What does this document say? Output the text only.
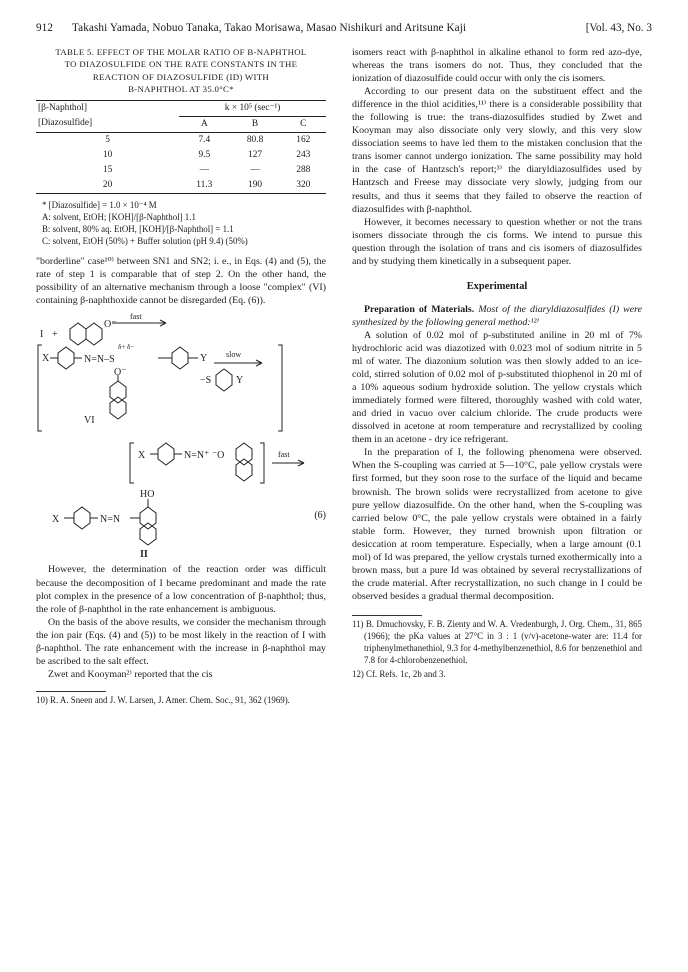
912	Takashi Yamada, Nobuo Tanaka, Takao Morisawa, Masao Nishikuri and Aritsune Kaji	[Vol. 43, No. 3
TABLE 5. EFFECT OF THE MOLAR RATIO OF Β-NAPHTHOL
TO DIAZOSULFIDE ON THE RATE CONSTANTS IN THE
REACTION OF DIAZOSULFIDE (ID) WITH
Β-NAPHTHOL AT 35.0°C*
[β-Naphthol]	k × 10⁵ (sec⁻¹)		
[Diazosulfide]	A	B	C
5	7.4	80.8	162
10	9.5	127	243
15	—	—	288
20	11.3	190	320
* [Diazosulfide] = 1.0 × 10⁻⁴ M
A: solvent, EtOH; [KOH]/[β-Naphthol] 1.1
B: solvent, 80% aq. EtOH, [KOH]/[β-Naphthol] = 1.1
C: solvent, EtOH (50%) + Buffer solution (pH 9.4) (50%)

"borderline" case¹⁰⁾ between SN1 and SN2; i. e., in Eqs. (4) and (5), the rate of step 1 is comparable that of step 2. On the other hand, the possibility of an alternative mechanism through a loose "complex" (VI) containing β-naphthoxide cannot be disregarded (Eq. (6)).

I +
O⁻
fast
X	N=N–S
δ+ δ−
Y
O⁻
VI
slow
−S Y
X	N=N⁺ ⁻O	fast
HO
X	N=N
II
(6)

However, the determination of the reaction order was difficult because the decomposition of I became predominant and made the rate plot complex in the presence of a low concentration of β-naphthol; thus, the role of β-naphthol in the rate enhancement is ambiguous.

On the basis of the above results, we consider the mechanism through the ion pair (Eqs. (4) and (5)) to be most likely in the reaction of I with β-naphthol. The rate enhancement with the increase in β-naphthol may be ascribed to the salt effect.

Zwet and Kooyman²⁾ reported that the cis

10) R. A. Sneen and J. W. Larsen, J. Amer. Chem. Soc., 91, 362 (1969).

isomers react with β-naphthol in alkaline ethanol to form red azo-dye, whereas the trans isomers do not. Thus, they concluded that the ionization of diazosulfide could occur with only the cis isomers.

According to our present data on the substituent effect and the difference in the thiol acidities,¹¹⁾ there is a considerable possibility that the following is true: the trans-diazosulfides studied by Zwet and Kooyman may also dissociate only very slowly, and this very slow dissociation seems to have led them to the mistaken conclusion that the trans isomer cannot undergo ionization. The same possibility may hold in the case of Hantzsch's report;³⁾ the diaryldiazosulfides used by Hantzsch and Freese may dissociate very slowly, judging from our results, and thus it seems that they failed to observe the reaction of diazosulfides with β-naphthol.

However, it becomes necessary to question whether or not the trans isomers dissociate through the cis forms. We intend to pursue this question through the isolation of trans and cis isomers of diazosulfides and by studying them kinetically in a subsequent paper.

Experimental

Preparation of Materials. Most of the diaryldiazosulfides (I) were synthesized by the following general method:¹²⁾

A solution of 0.02 mol of p-substituted aniline in 20 ml of 7% hydrochloric acid was diazotized with 0.023 mol of sodium nitrite in 5 ml of water. The diazonium solution was then slowly added to an ice-cold, stirred solution of 0.02 mol of p-substituted thiophenol in 20 ml of a 10% aqueous sodium hydroxide solution. The yellow crystals which immediately formed were filtered, thoroughly washed with cold water, and dried in vacuo over calcium chloride. The crude products were dissolved in acetone at room temperature and recrystallized by cooling them in an acetone - dry ice refrigerant.

In the preparation of I, the following phenomena were observed. When the S-coupling was carried at 5—10°C, pale yellow crystals were first formed, but they soon rose to the surface of the liquid and became brownish. The brown solids were recrystallized from acetone to give pure yellow diazosulfide. On the other hand, when the S-coupling was carried below 0°C, the pale yellow crystals were obtained in a fairly stable form. However, they turned brownish upon filtration or desiccation at room temperature. Especially, when a large amount (0.1 mol) of Id was prepared, the yellow crystals turned exothermically into a brown mass, but a pure Id was obtained by several recrystallizations of the crude material. After recrystallization, no such change in I could be observed besides a gradual thermal decomposition.

11) B. Dmuchovsky, F. B. Zienty and W. A. Vredenburgh, J. Org. Chem., 31, 865 (1966); the pKa values at 27°C in 3 : 1 (v/v)-acetone-water are: 11.4 for triphenylmethanethiol, 9.3 for 4-methylbenzenethiol, 8.6 for benzenethiol and 7.8 for 4-chlorobenzenethiol.
12) Cf. Refs. 1c, 2b and 3.
